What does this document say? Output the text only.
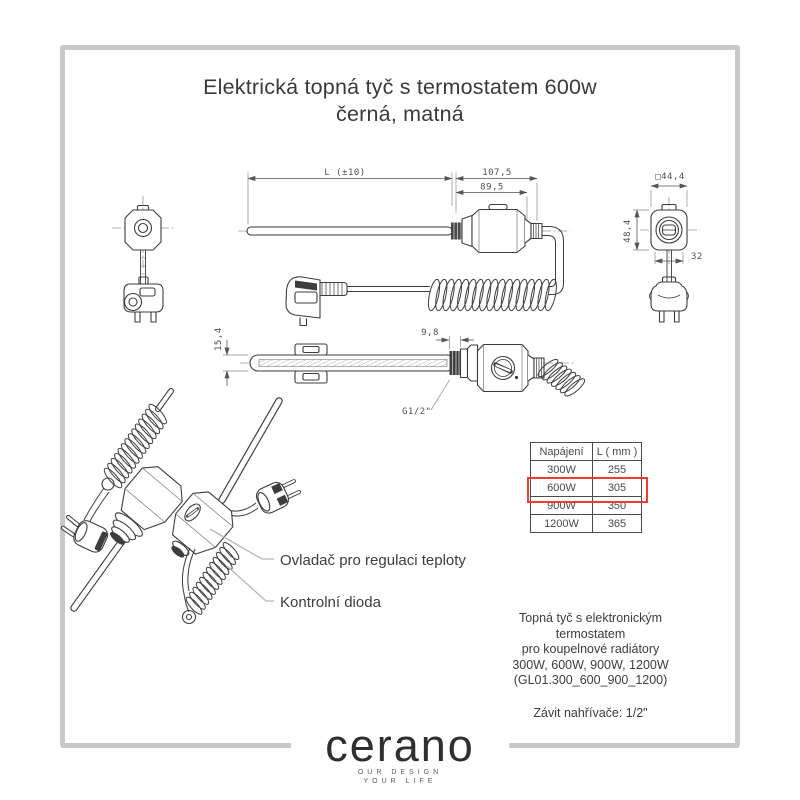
Elektrická topná tyč s termostatem 600w
černá, matná
L (±10)	107,5
89,5
□44,4
48,4
32
15,4	9,8
G1/2"
Ovladač pro regulaci teploty
Kontrolní dioda
Napájení	L ( mm )
300W	255
600W	305
900W	350
1200W	365
Topná tyč s elektronickým termostatem
pro koupelnové radiátory
300W, 600W, 900W, 1200W
(GL01.300_600_900_1200)
Závit nahřívače: 1/2"
cerano
OUR DESIGN
YOUR LIFE
